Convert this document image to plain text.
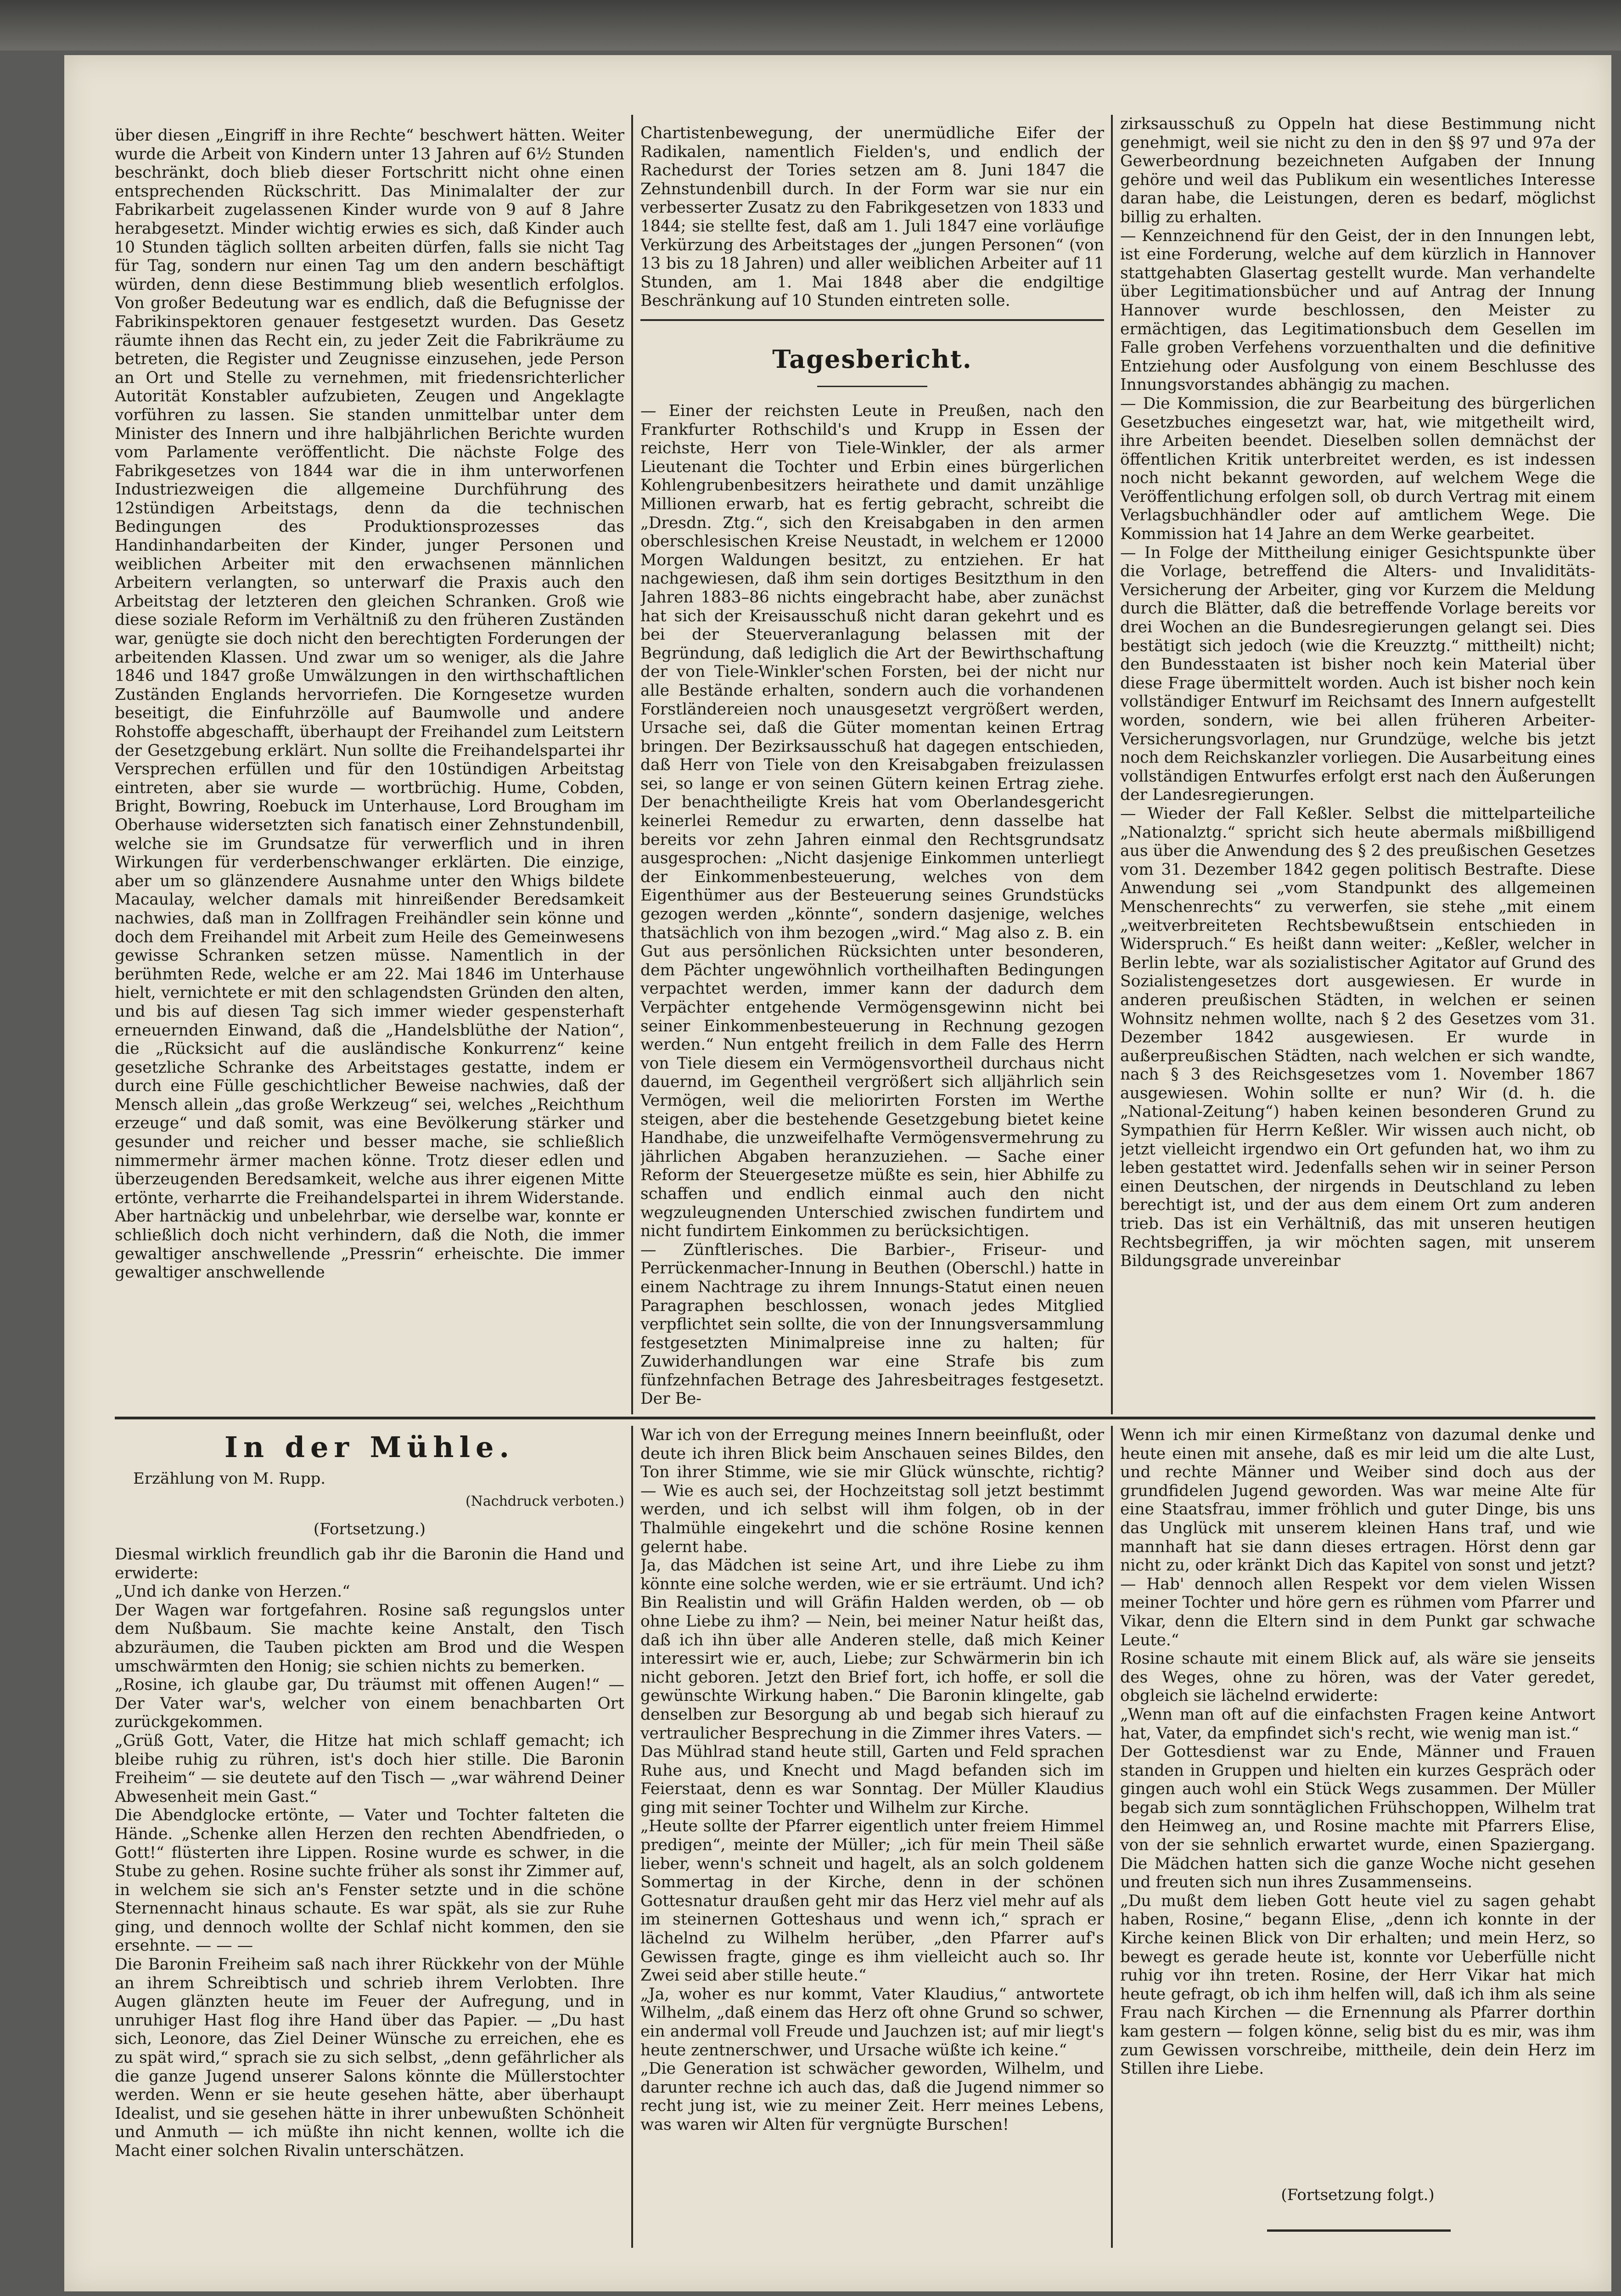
über diesen „Eingriff in ihre Rechte“ beschwert hätten. Weiter wurde die Arbeit von Kindern unter 13 Jahren auf 6½ Stunden beschränkt, doch blieb dieser Fortschritt nicht ohne einen entsprechenden Rückschritt. Das Minimalalter der zur Fabrikarbeit zugelassenen Kinder wurde von 9 auf 8 Jahre herabgesetzt. Minder wichtig erwies es sich, daß Kinder auch 10 Stunden täglich sollten arbeiten dürfen, falls sie nicht Tag für Tag, sondern nur einen Tag um den andern beschäftigt würden, denn diese Bestimmung blieb wesentlich erfolglos. Von großer Bedeutung war es endlich, daß die Befugnisse der Fabrikinspektoren genauer festgesetzt wurden. Das Gesetz räumte ihnen das Recht ein, zu jeder Zeit die Fabrikräume zu betreten, die Register und Zeugnisse einzusehen, jede Person an Ort und Stelle zu vernehmen, mit friedensrichterlicher Autorität Konstabler aufzubieten, Zeugen und Angeklagte vorführen zu lassen. Sie standen unmittelbar unter dem Minister des Innern und ihre halbjährlichen Berichte wurden vom Parlamente veröffentlicht. Die nächste Folge des Fabrikgesetzes von 1844 war die in ihm unterworfenen Industriezweigen die allgemeine Durchführung des 12stündigen Arbeitstags, denn da die technischen Bedingungen des Produktionsprozesses das Handinhandarbeiten der Kinder, junger Personen und weiblichen Arbeiter mit den erwachsenen männlichen Arbeitern verlangten, so unterwarf die Praxis auch den Arbeitstag der letzteren den gleichen Schranken. Groß wie diese soziale Reform im Verhältniß zu den früheren Zuständen war, genügte sie doch nicht den berechtigten Forderungen der arbeitenden Klassen. Und zwar um so weniger, als die Jahre 1846 und 1847 große Umwälzungen in den wirthschaftlichen Zuständen Englands hervorriefen. Die Korngesetze wurden beseitigt, die Einfuhrzölle auf Baumwolle und andere Rohstoffe abgeschafft, überhaupt der Freihandel zum Leitstern der Gesetzgebung erklärt. Nun sollte die Freihandelspartei ihr Versprechen erfüllen und für den 10stündigen Arbeitstag eintreten, aber sie wurde — wortbrüchig. Hume, Cobden, Bright, Bowring, Roebuck im Unterhause, Lord Brougham im Oberhause widersetzten sich fanatisch einer Zehnstundenbill, welche sie im Grundsatze für verwerflich und in ihren Wirkungen für verderbenschwanger erklärten. Die einzige, aber um so glänzendere Ausnahme unter den Whigs bildete Macaulay, welcher damals mit hinreißender Beredsamkeit nachwies, daß man in Zollfragen Freihändler sein könne und doch dem Freihandel mit Arbeit zum Heile des Gemeinwesens gewisse Schranken setzen müsse. Namentlich in der berühmten Rede, welche er am 22. Mai 1846 im Unterhause hielt, vernichtete er mit den schlagendsten Gründen den alten, und bis auf diesen Tag sich immer wieder gespensterhaft erneuernden Einwand, daß die „Handelsblüthe der Nation“, die „Rücksicht auf die ausländische Konkurrenz“ keine gesetzliche Schranke des Arbeitstages gestatte, indem er durch eine Fülle geschichtlicher Beweise nachwies, daß der Mensch allein „das große Werkzeug“ sei, welches „Reichthum erzeuge“ und daß somit, was eine Bevölkerung stärker und gesunder und reicher und besser mache, sie schließlich nimmermehr ärmer machen könne. Trotz dieser edlen und überzeugenden Beredsamkeit, welche aus ihrer eigenen Mitte ertönte, verharrte die Freihandelspartei in ihrem Widerstande. Aber hartnäckig und unbelehrbar, wie derselbe war, konnte er schließlich doch nicht verhindern, daß die Noth, die immer gewaltiger anschwellende „Pressrin“ erheischte. Die immer gewaltiger anschwellende

Chartistenbewegung, der unermüdliche Eifer der Radikalen, namentlich Fielden's, und endlich der Rachedurst der Tories setzen am 8. Juni 1847 die Zehnstundenbill durch. In der Form war sie nur ein verbesserter Zusatz zu den Fabrikgesetzen von 1833 und 1844; sie stellte fest, daß am 1. Juli 1847 eine vorläufige Verkürzung des Arbeitstages der „jungen Personen“ (von 13 bis zu 18 Jahren) und aller weiblichen Arbeiter auf 11 Stunden, am 1. Mai 1848 aber die endgiltige Beschränkung auf 10 Stunden eintreten solle.

Tagesbericht.

— Einer der reichsten Leute in Preußen, nach den Frankfurter Rothschild's und Krupp in Essen der reichste, Herr von Tiele-Winkler, der als armer Lieutenant die Tochter und Erbin eines bürgerlichen Kohlengrubenbesitzers heirathete und damit unzählige Millionen erwarb, hat es fertig gebracht, schreibt die „Dresdn. Ztg.“, sich den Kreisabgaben in den armen oberschlesischen Kreise Neustadt, in welchem er 12000 Morgen Waldungen besitzt, zu entziehen. Er hat nachgewiesen, daß ihm sein dortiges Besitzthum in den Jahren 1883–86 nichts eingebracht habe, aber zunächst hat sich der Kreisausschuß nicht daran gekehrt und es bei der Steuerveranlagung belassen mit der Begründung, daß lediglich die Art der Bewirthschaftung der von Tiele-Winkler'schen Forsten, bei der nicht nur alle Bestände erhalten, sondern auch die vorhandenen Forstländereien noch unausgesetzt vergrößert werden, Ursache sei, daß die Güter momentan keinen Ertrag bringen. Der Bezirksausschuß hat dagegen entschieden, daß Herr von Tiele von den Kreisabgaben freizulassen sei, so lange er von seinen Gütern keinen Ertrag ziehe. Der benachtheiligte Kreis hat vom Oberlandesgericht keinerlei Remedur zu erwarten, denn dasselbe hat bereits vor zehn Jahren einmal den Rechtsgrundsatz ausgesprochen: „Nicht dasjenige Einkommen unterliegt der Einkommenbesteuerung, welches von dem Eigenthümer aus der Besteuerung seines Grundstücks gezogen werden „könnte“, sondern dasjenige, welches thatsächlich von ihm bezogen „wird.“ Mag also z. B. ein Gut aus persönlichen Rücksichten unter besonderen, dem Pächter ungewöhnlich vortheilhaften Bedingungen verpachtet werden, immer kann der dadurch dem Verpächter entgehende Vermögensgewinn nicht bei seiner Einkommenbesteuerung in Rechnung gezogen werden.“ Nun entgeht freilich in dem Falle des Herrn von Tiele diesem ein Vermögensvortheil durchaus nicht dauernd, im Gegentheil vergrößert sich alljährlich sein Vermögen, weil die meliorirten Forsten im Werthe steigen, aber die bestehende Gesetzgebung bietet keine Handhabe, die unzweifelhafte Vermögensvermehrung zu jährlichen Abgaben heranzuziehen. — Sache einer Reform der Steuergesetze müßte es sein, hier Abhilfe zu schaffen und endlich einmal auch den nicht wegzuleugnenden Unterschied zwischen fundirtem und nicht fundirtem Einkommen zu berücksichtigen.
— Zünftlerisches. Die Barbier-, Friseur- und Perrückenmacher-Innung in Beuthen (Oberschl.) hatte in einem Nachtrage zu ihrem Innungs-Statut einen neuen Paragraphen beschlossen, wonach jedes Mitglied verpflichtet sein sollte, die von der Innungsversammlung festgesetzten Minimalpreise inne zu halten; für Zuwiderhandlungen war eine Strafe bis zum fünfzehnfachen Betrage des Jahresbeitrages festgesetzt. Der Be-

zirksausschuß zu Oppeln hat diese Bestimmung nicht genehmigt, weil sie nicht zu den in den §§ 97 und 97a der Gewerbeordnung bezeichneten Aufgaben der Innung gehöre und weil das Publikum ein wesentliches Interesse daran habe, die Leistungen, deren es bedarf, möglichst billig zu erhalten.
— Kennzeichnend für den Geist, der in den Innungen lebt, ist eine Forderung, welche auf dem kürzlich in Hannover stattgehabten Glasertag gestellt wurde. Man verhandelte über Legitimationsbücher und auf Antrag der Innung Hannover wurde beschlossen, den Meister zu ermächtigen, das Legitimationsbuch dem Gesellen im Falle groben Verfehens vorzuenthalten und die definitive Entziehung oder Ausfolgung von einem Beschlusse des Innungsvorstandes abhängig zu machen.
— Die Kommission, die zur Bearbeitung des bürgerlichen Gesetzbuches eingesetzt war, hat, wie mitgetheilt wird, ihre Arbeiten beendet. Dieselben sollen demnächst der öffentlichen Kritik unterbreitet werden, es ist indessen noch nicht bekannt geworden, auf welchem Wege die Veröffentlichung erfolgen soll, ob durch Vertrag mit einem Verlagsbuchhändler oder auf amtlichem Wege. Die Kommission hat 14 Jahre an dem Werke gearbeitet.
— In Folge der Mittheilung einiger Gesichtspunkte über die Vorlage, betreffend die Alters- und Invaliditäts-Versicherung der Arbeiter, ging vor Kurzem die Meldung durch die Blätter, daß die betreffende Vorlage bereits vor drei Wochen an die Bundesregierungen gelangt sei. Dies bestätigt sich jedoch (wie die Kreuzztg.“ mittheilt) nicht; den Bundesstaaten ist bisher noch kein Material über diese Frage übermittelt worden. Auch ist bisher noch kein vollständiger Entwurf im Reichsamt des Innern aufgestellt worden, sondern, wie bei allen früheren Arbeiter-Versicherungsvorlagen, nur Grundzüge, welche bis jetzt noch dem Reichskanzler vorliegen. Die Ausarbeitung eines vollständigen Entwurfes erfolgt erst nach den Äußerungen der Landesregierungen.
— Wieder der Fall Keßler. Selbst die mittelparteiliche „Nationalztg.“ spricht sich heute abermals mißbilligend aus über die Anwendung des § 2 des preußischen Gesetzes vom 31. Dezember 1842 gegen politisch Bestrafte. Diese Anwendung sei „vom Standpunkt des allgemeinen Menschenrechts“ zu verwerfen, sie stehe „mit einem „weitverbreiteten Rechtsbewußtsein entschieden in Widerspruch.“ Es heißt dann weiter: „Keßler, welcher in Berlin lebte, war als sozialistischer Agitator auf Grund des Sozialistengesetzes dort ausgewiesen. Er wurde in anderen preußischen Städten, in welchen er seinen Wohnsitz nehmen wollte, nach § 2 des Gesetzes vom 31. Dezember 1842 ausgewiesen. Er wurde in außerpreußischen Städten, nach welchen er sich wandte, nach § 3 des Reichsgesetzes vom 1. November 1867 ausgewiesen. Wohin sollte er nun? Wir (d. h. die „National-Zeitung“) haben keinen besonderen Grund zu Sympathien für Herrn Keßler. Wir wissen auch nicht, ob jetzt vielleicht irgendwo ein Ort gefunden hat, wo ihm zu leben gestattet wird. Jedenfalls sehen wir in seiner Person einen Deutschen, der nirgends in Deutschland zu leben berechtigt ist, und der aus dem einem Ort zum anderen trieb. Das ist ein Verhältniß, das mit unseren heutigen Rechtsbegriffen, ja wir möchten sagen, mit unserem Bildungsgrade unvereinbar

In der Mühle.
Erzählung von M. Rupp.
(Nachdruck verboten.)
(Fortsetzung.)

Diesmal wirklich freundlich gab ihr die Baronin die Hand und erwiderte:
„Und ich danke von Herzen.“
Der Wagen war fortgefahren. Rosine saß regungslos unter dem Nußbaum. Sie machte keine Anstalt, den Tisch abzuräumen, die Tauben pickten am Brod und die Wespen umschwärmten den Honig; sie schien nichts zu bemerken.
„Rosine, ich glaube gar, Du träumst mit offenen Augen!“ — Der Vater war's, welcher von einem benachbarten Ort zurückgekommen.
„Grüß Gott, Vater, die Hitze hat mich schlaff gemacht; ich bleibe ruhig zu rühren, ist's doch hier stille. Die Baronin Freiheim“ — sie deutete auf den Tisch — „war während Deiner Abwesenheit mein Gast.“
Die Abendglocke ertönte, — Vater und Tochter falteten die Hände. „Schenke allen Herzen den rechten Abendfrieden, o Gott!“ flüsterten ihre Lippen. Rosine wurde es schwer, in die Stube zu gehen. Rosine suchte früher als sonst ihr Zimmer auf, in welchem sie sich an's Fenster setzte und in die schöne Sternennacht hinaus schaute. Es war spät, als sie zur Ruhe ging, und dennoch wollte der Schlaf nicht kommen, den sie ersehnte. — — —
Die Baronin Freiheim saß nach ihrer Rückkehr von der Mühle an ihrem Schreibtisch und schrieb ihrem Verlobten. Ihre Augen glänzten heute im Feuer der Aufregung, und in unruhiger Hast flog ihre Hand über das Papier. — „Du hast sich, Leonore, das Ziel Deiner Wünsche zu erreichen, ehe es zu spät wird,“ sprach sie zu sich selbst, „denn gefährlicher als die ganze Jugend unserer Salons könnte die Müllerstochter werden. Wenn er sie heute gesehen hätte, aber überhaupt Idealist, und sie gesehen hätte in ihrer unbewußten Schönheit und Anmuth — ich müßte ihn nicht kennen, wollte ich die Macht einer solchen Rivalin unterschätzen.

War ich von der Erregung meines Innern beeinflußt, oder deute ich ihren Blick beim Anschauen seines Bildes, den Ton ihrer Stimme, wie sie mir Glück wünschte, richtig? — Wie es auch sei, der Hochzeitstag soll jetzt bestimmt werden, und ich selbst will ihm folgen, ob in der Thalmühle eingekehrt und die schöne Rosine kennen gelernt habe.
Ja, das Mädchen ist seine Art, und ihre Liebe zu ihm könnte eine solche werden, wie er sie erträumt. Und ich? Bin Realistin und will Gräfin Halden werden, ob — ob ohne Liebe zu ihm? — Nein, bei meiner Natur heißt das, daß ich ihn über alle Anderen stelle, daß mich Keiner interessirt wie er, auch, Liebe; zur Schwärmerin bin ich nicht geboren. Jetzt den Brief fort, ich hoffe, er soll die gewünschte Wirkung haben.“ Die Baronin klingelte, gab denselben zur Besorgung ab und begab sich hierauf zu vertraulicher Besprechung in die Zimmer ihres Vaters. —
Das Mühlrad stand heute still, Garten und Feld sprachen Ruhe aus, und Knecht und Magd befanden sich im Feierstaat, denn es war Sonntag. Der Müller Klaudius ging mit seiner Tochter und Wilhelm zur Kirche.
„Heute sollte der Pfarrer eigentlich unter freiem Himmel predigen“, meinte der Müller; „ich für mein Theil säße lieber, wenn's schneit und hagelt, als an solch goldenem Sommertag in der Kirche, denn in der schönen Gottesnatur draußen geht mir das Herz viel mehr auf als im steinernen Gotteshaus und wenn ich,“ sprach er lächelnd zu Wilhelm herüber, „den Pfarrer auf's Gewissen fragte, ginge es ihm vielleicht auch so. Ihr Zwei seid aber stille heute.“
„Ja, woher es nur kommt, Vater Klaudius,“ antwortete Wilhelm, „daß einem das Herz oft ohne Grund so schwer, ein andermal voll Freude und Jauchzen ist; auf mir liegt's heute zentnerschwer, und Ursache wüßte ich keine.“
„Die Generation ist schwächer geworden, Wilhelm, und darunter rechne ich auch das, daß die Jugend nimmer so recht jung ist, wie zu meiner Zeit. Herr meines Lebens, was waren wir Alten für vergnügte Burschen!

Wenn ich mir einen Kirmeßtanz von dazumal denke und heute einen mit ansehe, daß es mir leid um die alte Lust, und rechte Männer und Weiber sind doch aus der grundfidelen Jugend geworden. Was war meine Alte für eine Staatsfrau, immer fröhlich und guter Dinge, bis uns das Unglück mit unserem kleinen Hans traf, und wie mannhaft hat sie dann dieses ertragen. Hörst denn gar nicht zu, oder kränkt Dich das Kapitel von sonst und jetzt? — Hab' dennoch allen Respekt vor dem vielen Wissen meiner Tochter und höre gern es rühmen vom Pfarrer und Vikar, denn die Eltern sind in dem Punkt gar schwache Leute.“
Rosine schaute mit einem Blick auf, als wäre sie jenseits des Weges, ohne zu hören, was der Vater geredet, obgleich sie lächelnd erwiderte:
„Wenn man oft auf die einfachsten Fragen keine Antwort hat, Vater, da empfindet sich's recht, wie wenig man ist.“
Der Gottesdienst war zu Ende, Männer und Frauen standen in Gruppen und hielten ein kurzes Gespräch oder gingen auch wohl ein Stück Wegs zusammen. Der Müller begab sich zum sonntäglichen Frühschoppen, Wilhelm trat den Heimweg an, und Rosine machte mit Pfarrers Elise, von der sie sehnlich erwartet wurde, einen Spaziergang. Die Mädchen hatten sich die ganze Woche nicht gesehen und freuten sich nun ihres Zusammenseins.
„Du mußt dem lieben Gott heute viel zu sagen gehabt haben, Rosine,“ begann Elise, „denn ich konnte in der Kirche keinen Blick von Dir erhalten; und mein Herz, so bewegt es gerade heute ist, konnte vor Ueberfülle nicht ruhig vor ihn treten. Rosine, der Herr Vikar hat mich heute gefragt, ob ich ihm helfen will, daß ich ihm als seine Frau nach Kirchen — die Ernennung als Pfarrer dorthin kam gestern — folgen könne, selig bist du es mir, was ihm zum Gewissen vorschreibe, mittheile, dein dein Herz im Stillen ihre Liebe.

(Fortsetzung folgt.)
